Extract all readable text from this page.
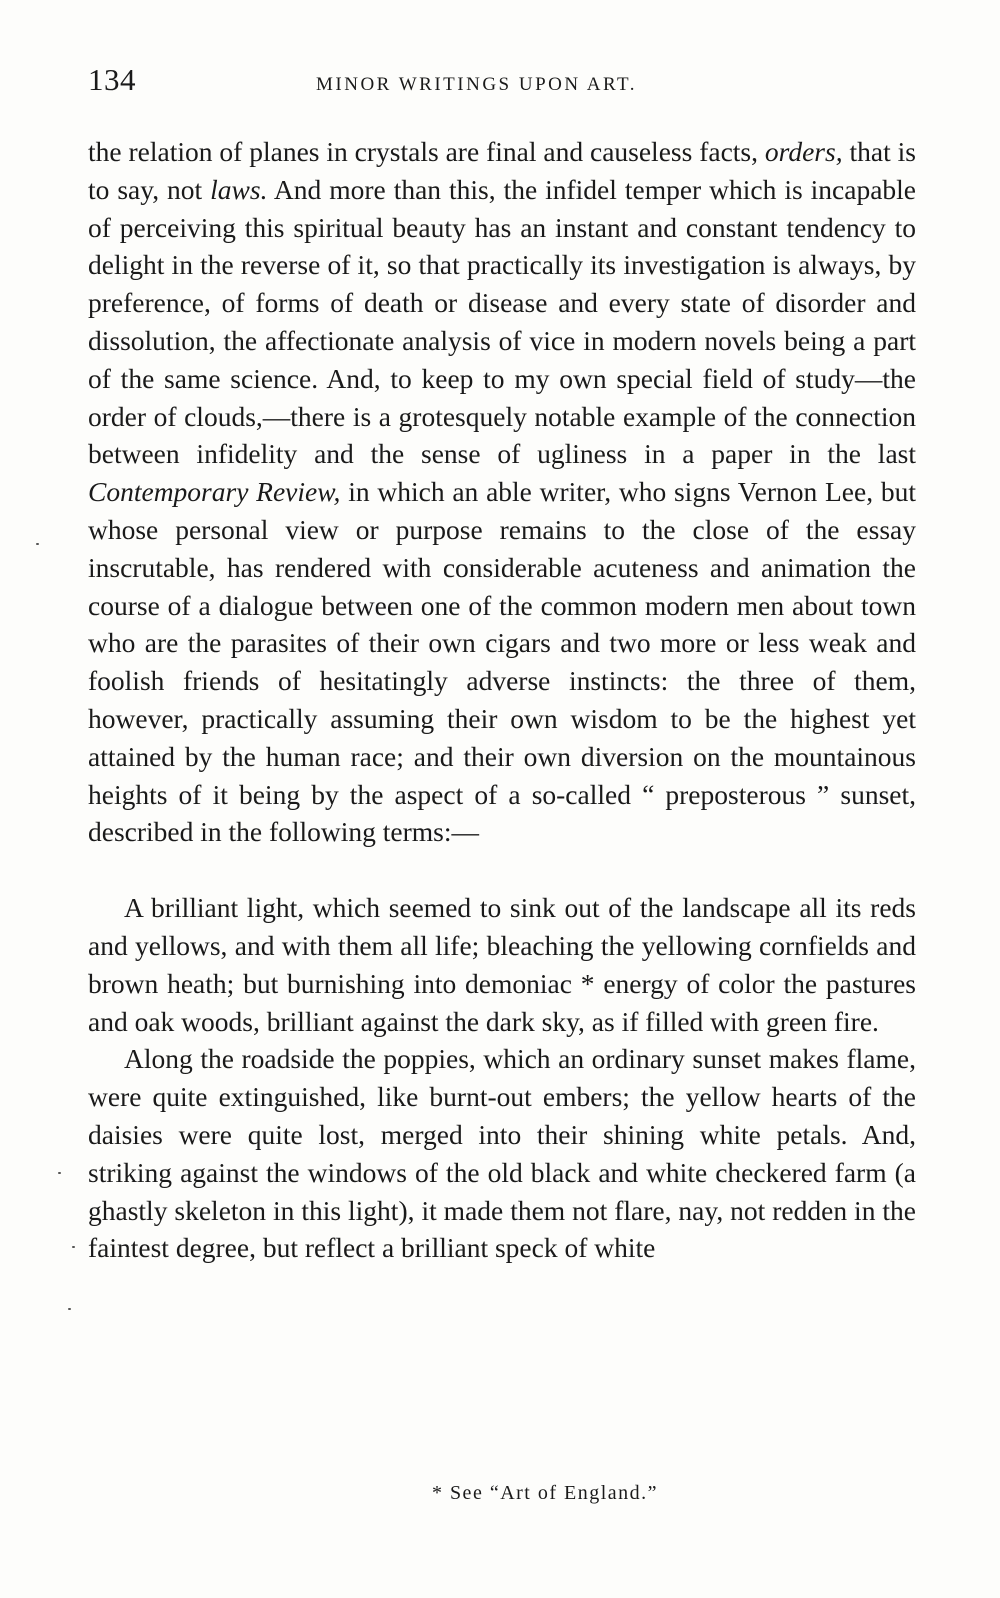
134	MINOR WRITINGS UPON ART.

the relation of planes in crystals are final and causeless facts, orders, that is to say, not laws. And more than this, the infidel temper which is incapable of perceiving this spiritual beauty has an instant and constant tendency to delight in the reverse of it, so that practically its investigation is always, by preference, of forms of death or disease and every state of disorder and dissolution, the affectionate analysis of vice in modern novels being a part of the same science. And, to keep to my own special field of study—the order of clouds,—there is a grotesquely notable example of the connection between infidelity and the sense of ugliness in a paper in the last Contemporary Review, in which an able writer, who signs Vernon Lee, but whose personal view or purpose remains to the close of the essay inscrutable, has rendered with considerable acuteness and animation the course of a dialogue between one of the common modern men about town who are the parasites of their own cigars and two more or less weak and foolish friends of hesitatingly adverse instincts: the three of them, however, practically assuming their own wisdom to be the highest yet attained by the human race; and their own diversion on the mountainous heights of it being by the aspect of a so-called “ preposterous ” sunset, described in the following terms:—

A brilliant light, which seemed to sink out of the landscape all its reds and yellows, and with them all life; bleaching the yellowing cornfields and brown heath; but burnishing into demoniac * energy of color the pastures and oak woods, brilliant against the dark sky, as if filled with green fire.

Along the roadside the poppies, which an ordinary sunset makes flame, were quite extinguished, like burnt-out embers; the yellow hearts of the daisies were quite lost, merged into their shining white petals. And, striking against the windows of the old black and white checkered farm (a ghastly skeleton in this light), it made them not flare, nay, not redden in the faintest degree, but reflect a brilliant speck of white

* See “Art of England.”
